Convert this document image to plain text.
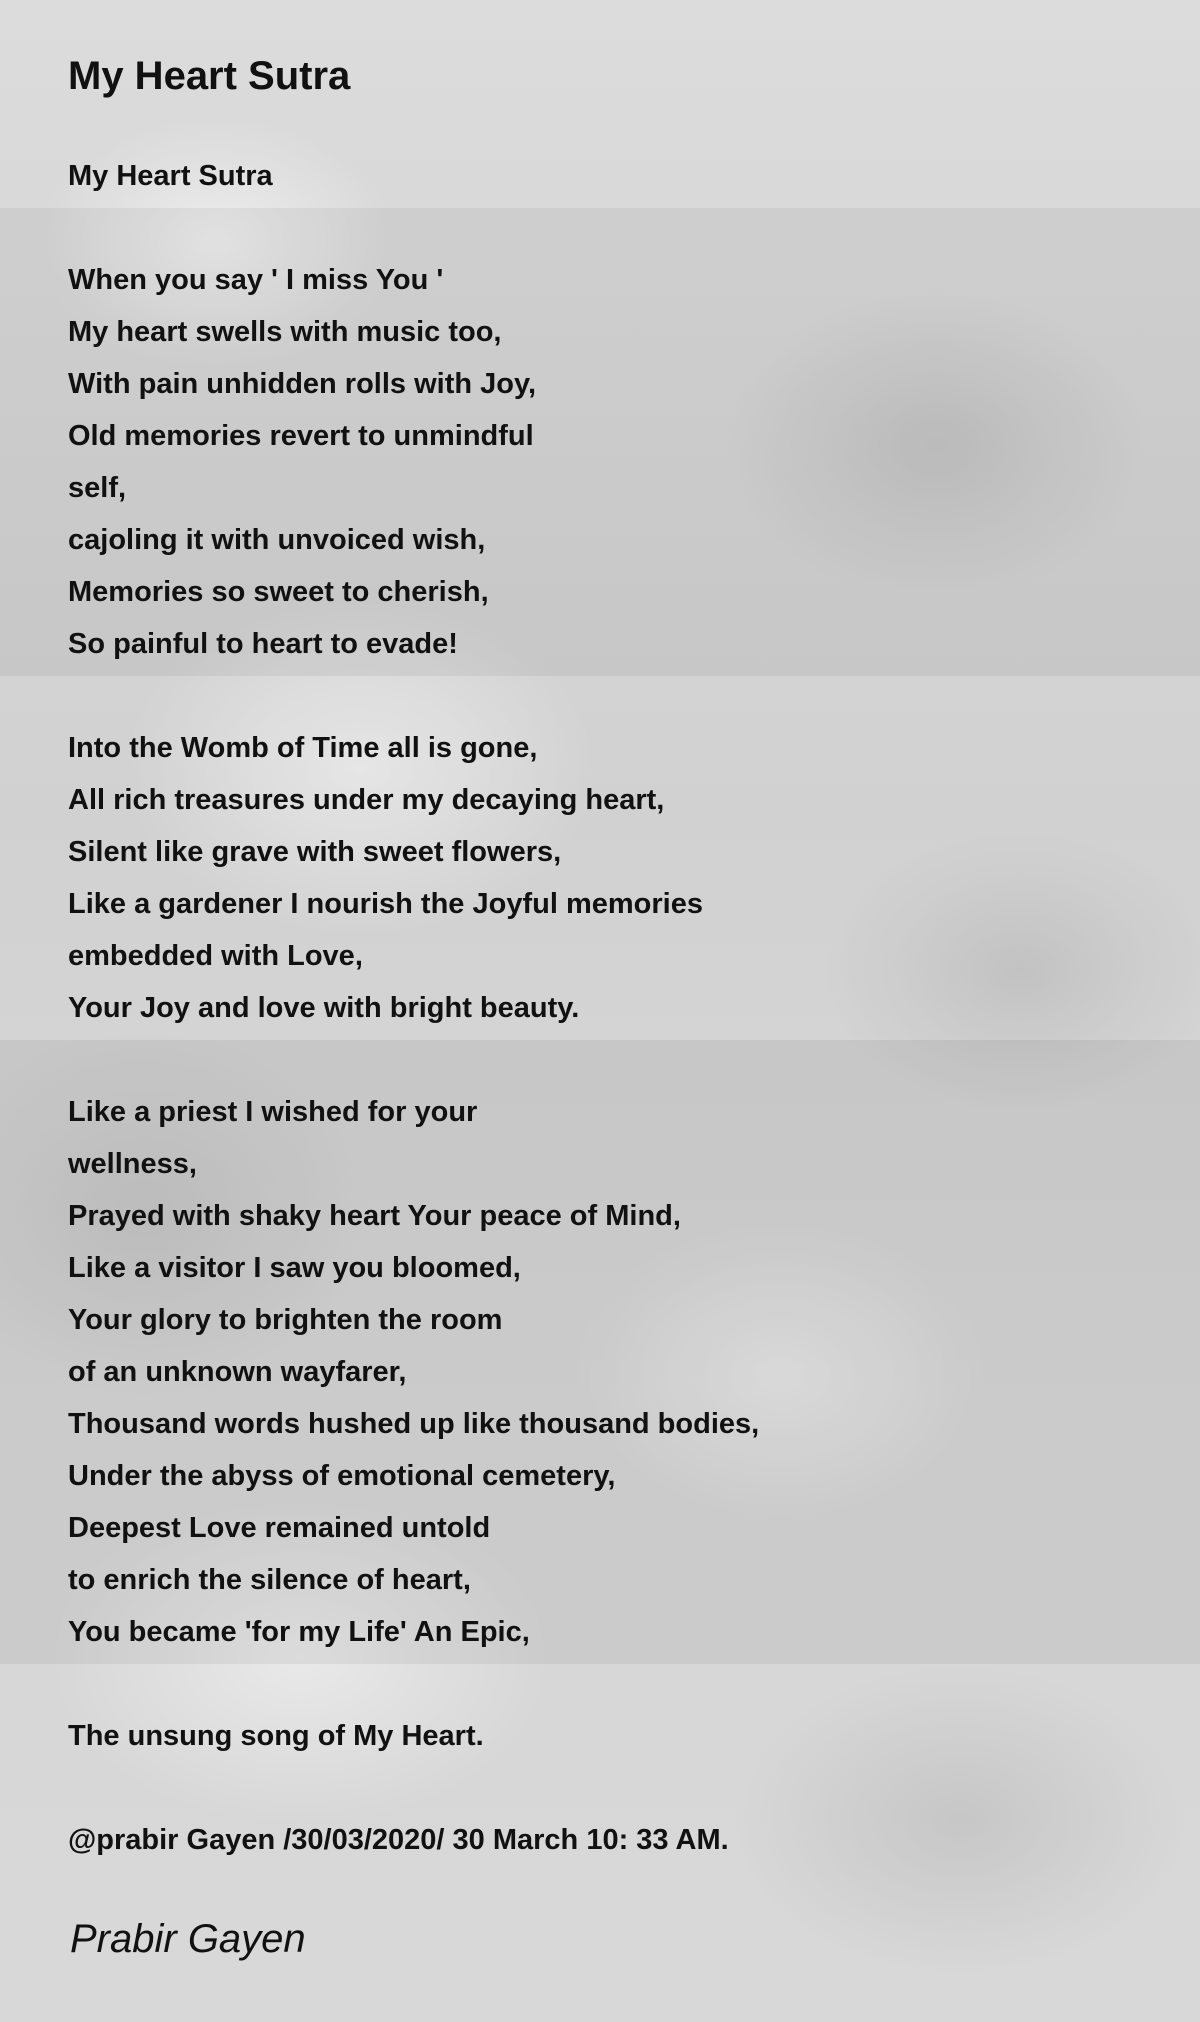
My Heart Sutra
My Heart Sutra
When you say ' I miss You '
My heart swells with music too,
With pain unhidden rolls with Joy,
Old memories revert to unmindful
self,
cajoling it with unvoiced wish,
Memories so sweet to cherish,
So painful to heart to evade!
Into the Womb of Time all is gone,
All rich treasures under my decaying heart,
Silent like grave with sweet flowers,
Like a gardener I nourish the Joyful memories
embedded with Love,
Your Joy and love with bright beauty.
Like a priest I wished for your
wellness,
Prayed with shaky heart Your peace of Mind,
Like a visitor I saw you bloomed,
Your glory to brighten the room
of an unknown wayfarer,
Thousand words hushed up like thousand bodies,
Under the abyss of emotional cemetery,
Deepest Love remained untold
to enrich the silence of heart,
You became 'for my Life' An Epic,
The unsung song of My Heart.
@prabir Gayen /30/03/2020/ 30 March 10: 33 AM.
Prabir Gayen
